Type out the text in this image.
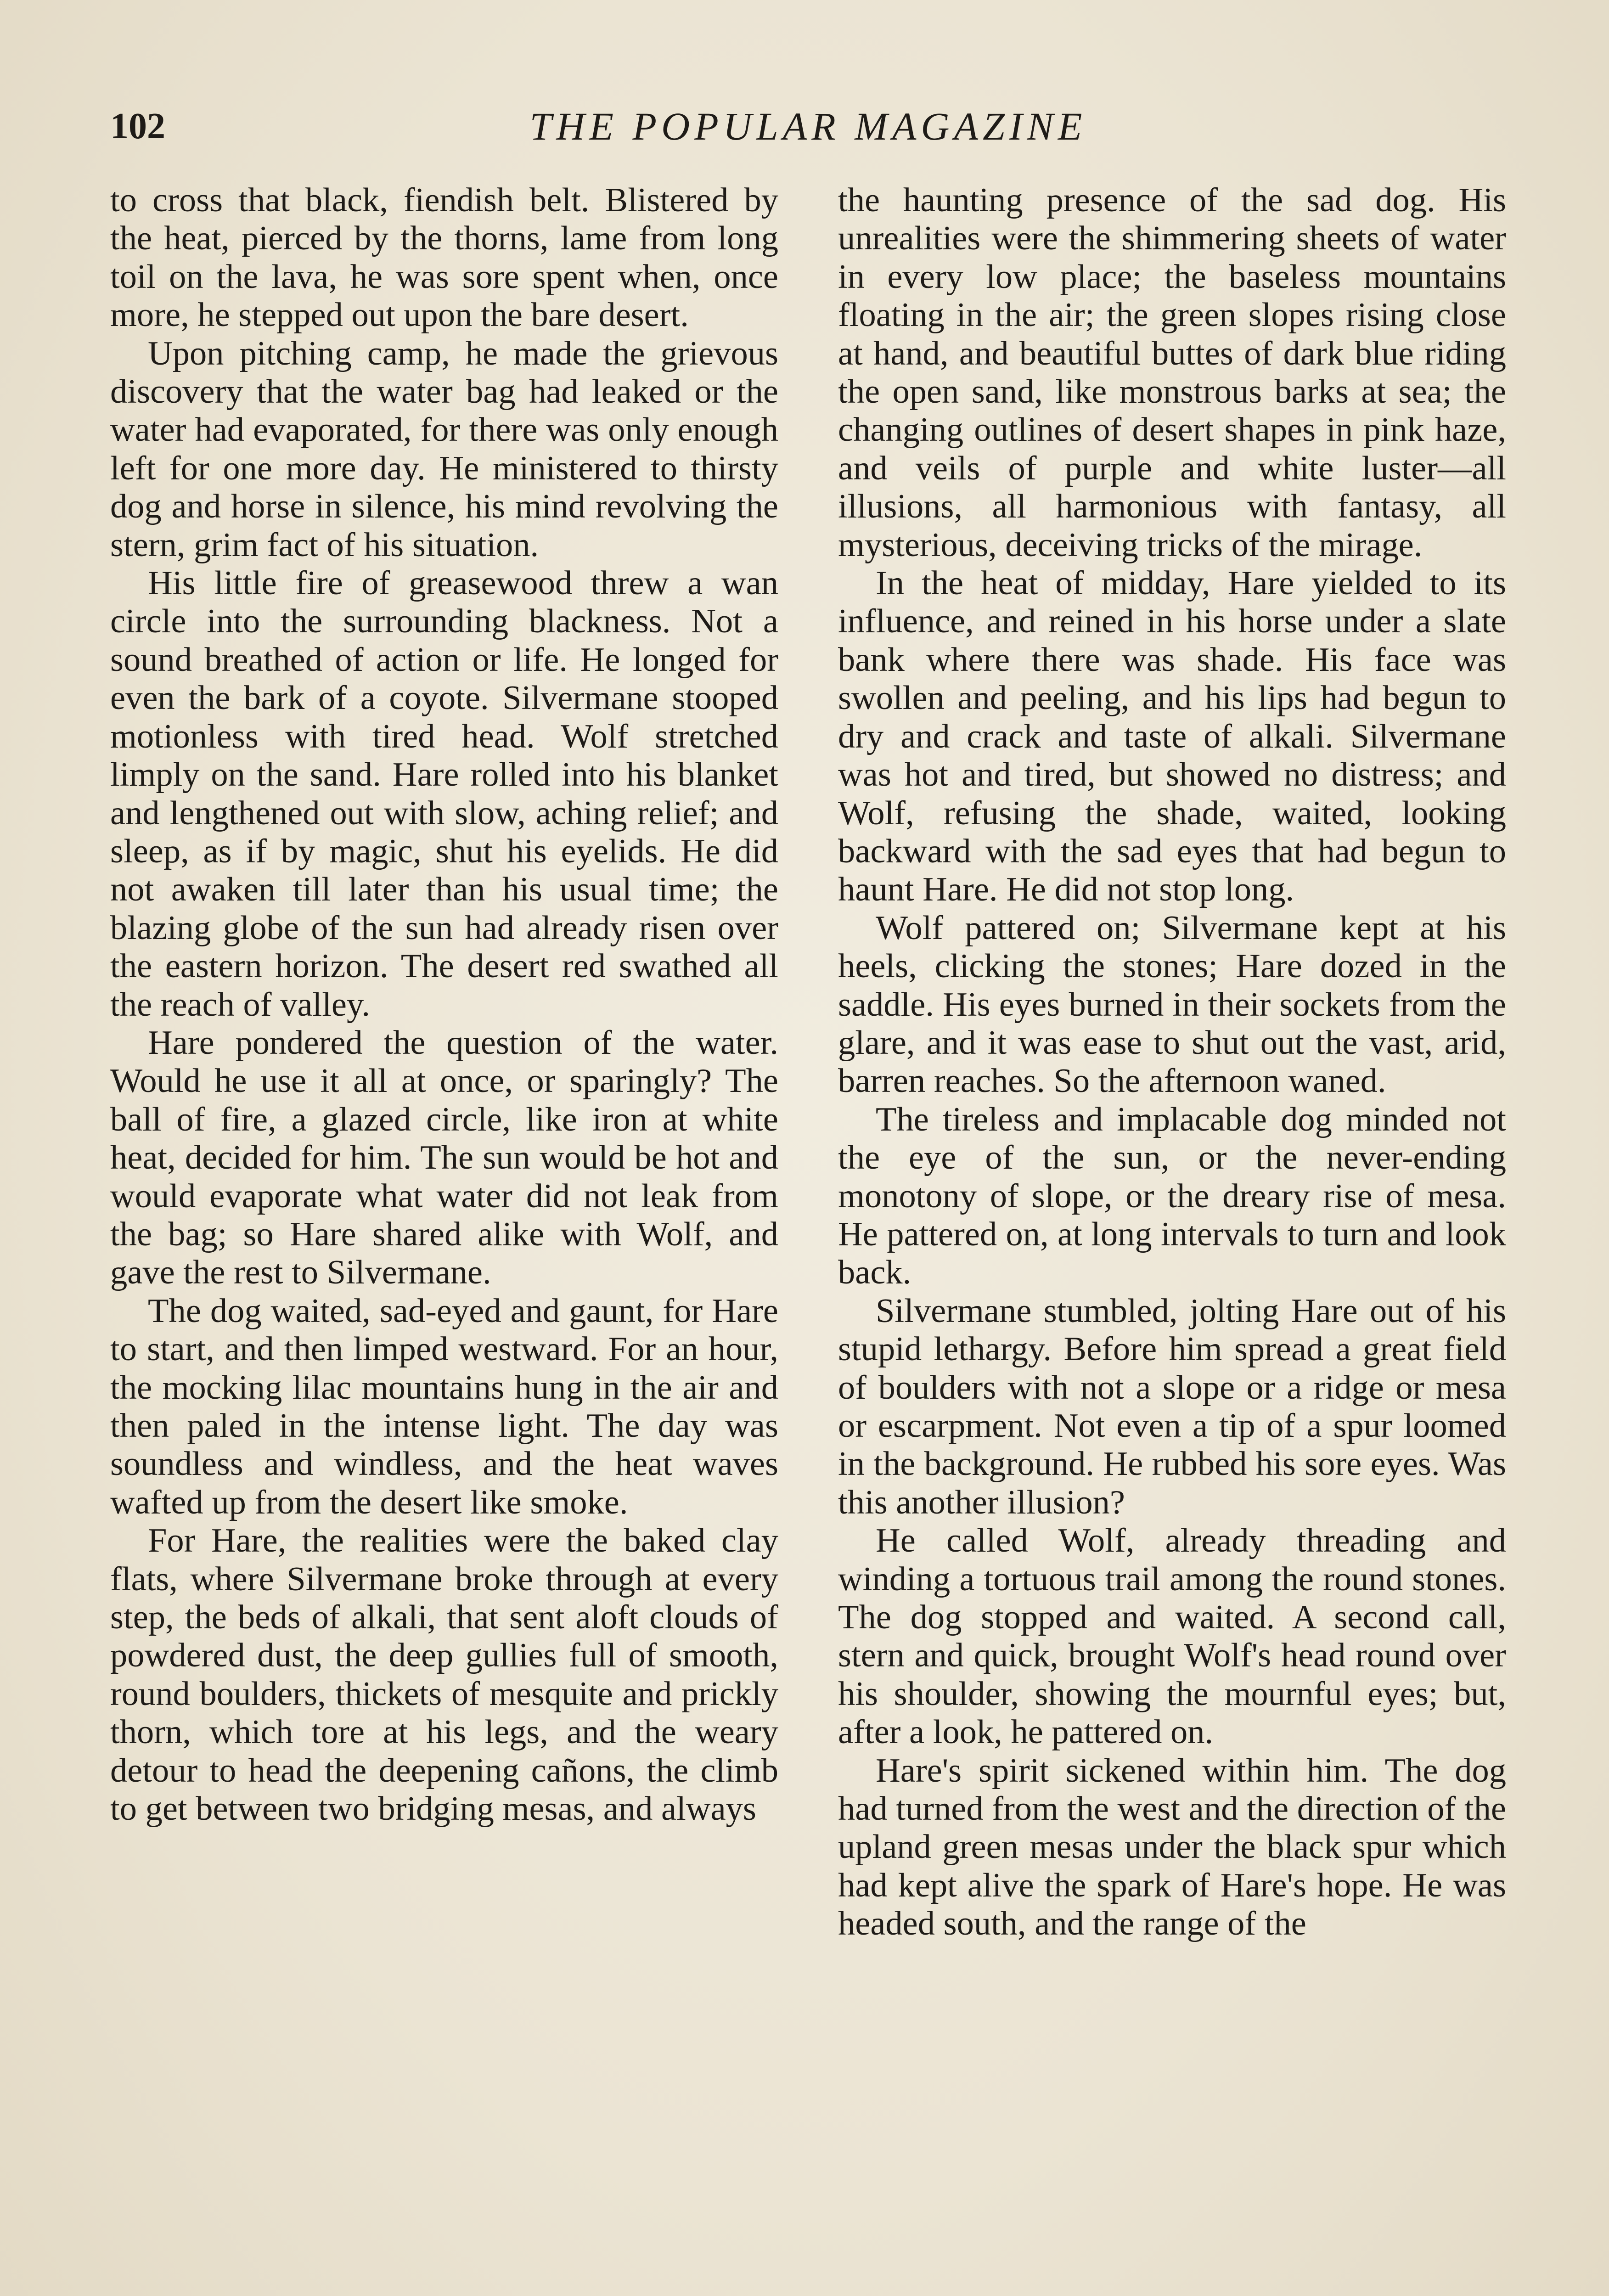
102	THE POPULAR MAGAZINE

to cross that black, fiendish belt. Blistered by the heat, pierced by the thorns, lame from long toil on the lava, he was sore spent when, once more, he stepped out upon the bare desert.

Upon pitching camp, he made the grievous discovery that the water bag had leaked or the water had evaporated, for there was only enough left for one more day. He ministered to thirsty dog and horse in silence, his mind revolving the stern, grim fact of his situation.

His little fire of greasewood threw a wan circle into the surrounding blackness. Not a sound breathed of action or life. He longed for even the bark of a coyote. Silvermane stooped motionless with tired head. Wolf stretched limply on the sand. Hare rolled into his blanket and lengthened out with slow, aching relief; and sleep, as if by magic, shut his eyelids. He did not awaken till later than his usual time; the blazing globe of the sun had already risen over the eastern horizon. The desert red swathed all the reach of valley.

Hare pondered the question of the water. Would he use it all at once, or sparingly? The ball of fire, a glazed circle, like iron at white heat, decided for him. The sun would be hot and would evaporate what water did not leak from the bag; so Hare shared alike with Wolf, and gave the rest to Silvermane.

The dog waited, sad-eyed and gaunt, for Hare to start, and then limped westward. For an hour, the mocking lilac mountains hung in the air and then paled in the intense light. The day was soundless and windless, and the heat waves wafted up from the desert like smoke.

For Hare, the realities were the baked clay flats, where Silvermane broke through at every step, the beds of alkali, that sent aloft clouds of powdered dust, the deep gullies full of smooth, round boulders, thickets of mesquite and prickly thorn, which tore at his legs, and the weary detour to head the deepening cañons, the climb to get between two bridging mesas, and always

the haunting presence of the sad dog. His unrealities were the shimmering sheets of water in every low place; the baseless mountains floating in the air; the green slopes rising close at hand, and beautiful buttes of dark blue riding the open sand, like monstrous barks at sea; the changing outlines of desert shapes in pink haze, and veils of purple and white luster—all illusions, all harmonious with fantasy, all mysterious, deceiving tricks of the mirage.

In the heat of midday, Hare yielded to its influence, and reined in his horse under a slate bank where there was shade. His face was swollen and peeling, and his lips had begun to dry and crack and taste of alkali. Silvermane was hot and tired, but showed no distress; and Wolf, refusing the shade, waited, looking backward with the sad eyes that had begun to haunt Hare. He did not stop long.

Wolf pattered on; Silvermane kept at his heels, clicking the stones; Hare dozed in the saddle. His eyes burned in their sockets from the glare, and it was ease to shut out the vast, arid, barren reaches. So the afternoon waned.

The tireless and implacable dog minded not the eye of the sun, or the never-ending monotony of slope, or the dreary rise of mesa. He pattered on, at long intervals to turn and look back.

Silvermane stumbled, jolting Hare out of his stupid lethargy. Before him spread a great field of boulders with not a slope or a ridge or mesa or escarpment. Not even a tip of a spur loomed in the background. He rubbed his sore eyes. Was this another illusion?

He called Wolf, already threading and winding a tortuous trail among the round stones. The dog stopped and waited. A second call, stern and quick, brought Wolf's head round over his shoulder, showing the mournful eyes; but, after a look, he pattered on.

Hare's spirit sickened within him. The dog had turned from the west and the direction of the upland green mesas under the black spur which had kept alive the spark of Hare's hope. He was headed south, and the range of the
